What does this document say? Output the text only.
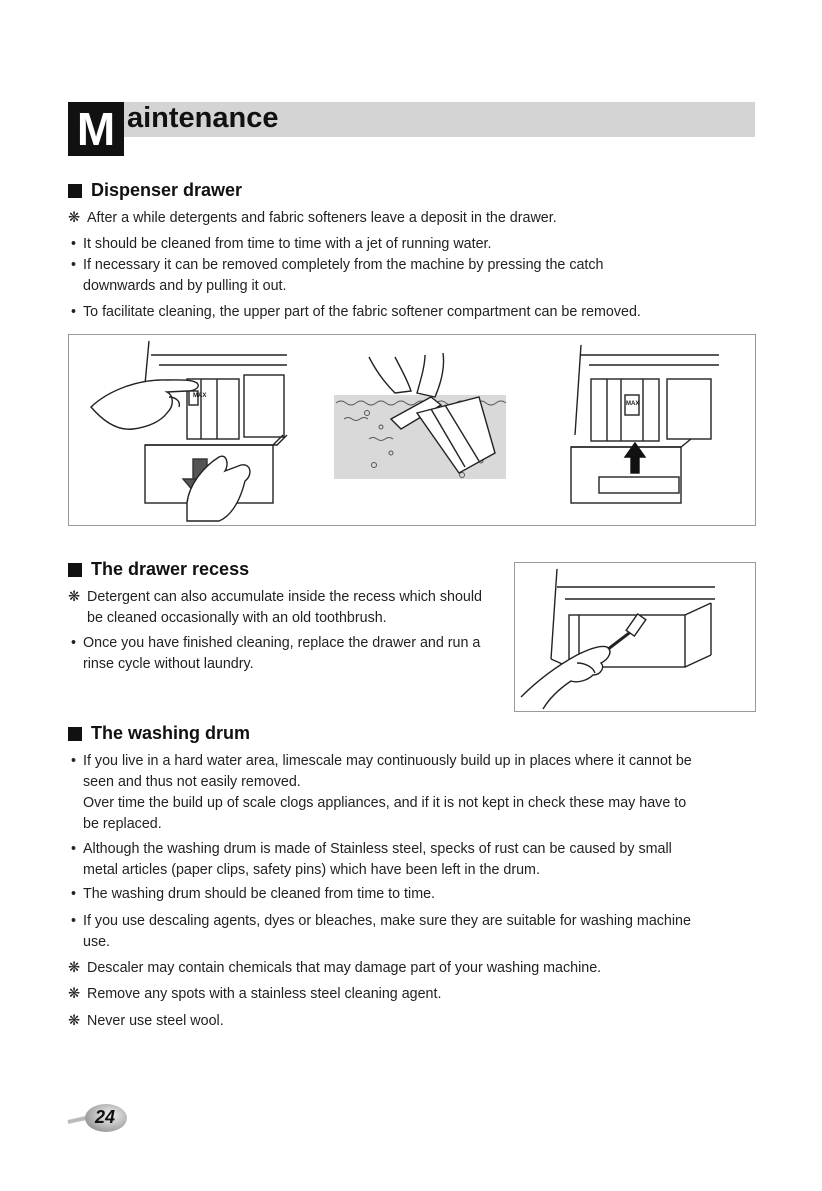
M aintenance
Dispenser drawer
❋ After a while detergents and fabric softeners leave a deposit in the drawer.
• It should be cleaned from time to time with a jet of running water.
• If necessary it can be removed completely from the machine by pressing the catch
downwards and by pulling it out.
• To facilitate cleaning, the upper part of the fabric softener compartment can be removed.
MAX
MAX
The drawer recess
❋ Detergent can also accumulate inside the recess which should
be cleaned occasionally with an old toothbrush.
• Once you have finished cleaning, replace the drawer and run a
rinse cycle without laundry.
The washing drum
• If you live in a hard water area, limescale may continuously build up in places where it cannot be
seen and thus not easily removed.
Over time the build up of scale clogs appliances, and if it is not kept in check these may have to
be replaced.
• Although the washing drum is made of Stainless steel, specks of rust can be caused by small
metal articles (paper clips, safety pins) which have been left in the drum.
• The washing drum should be cleaned from time to time.
• If you use descaling agents, dyes or bleaches, make sure they are suitable for washing machine
use.
❋ Descaler may contain chemicals that may damage part of your washing machine.
❋ Remove any spots with a stainless steel cleaning agent.
❋ Never use steel wool.
24
